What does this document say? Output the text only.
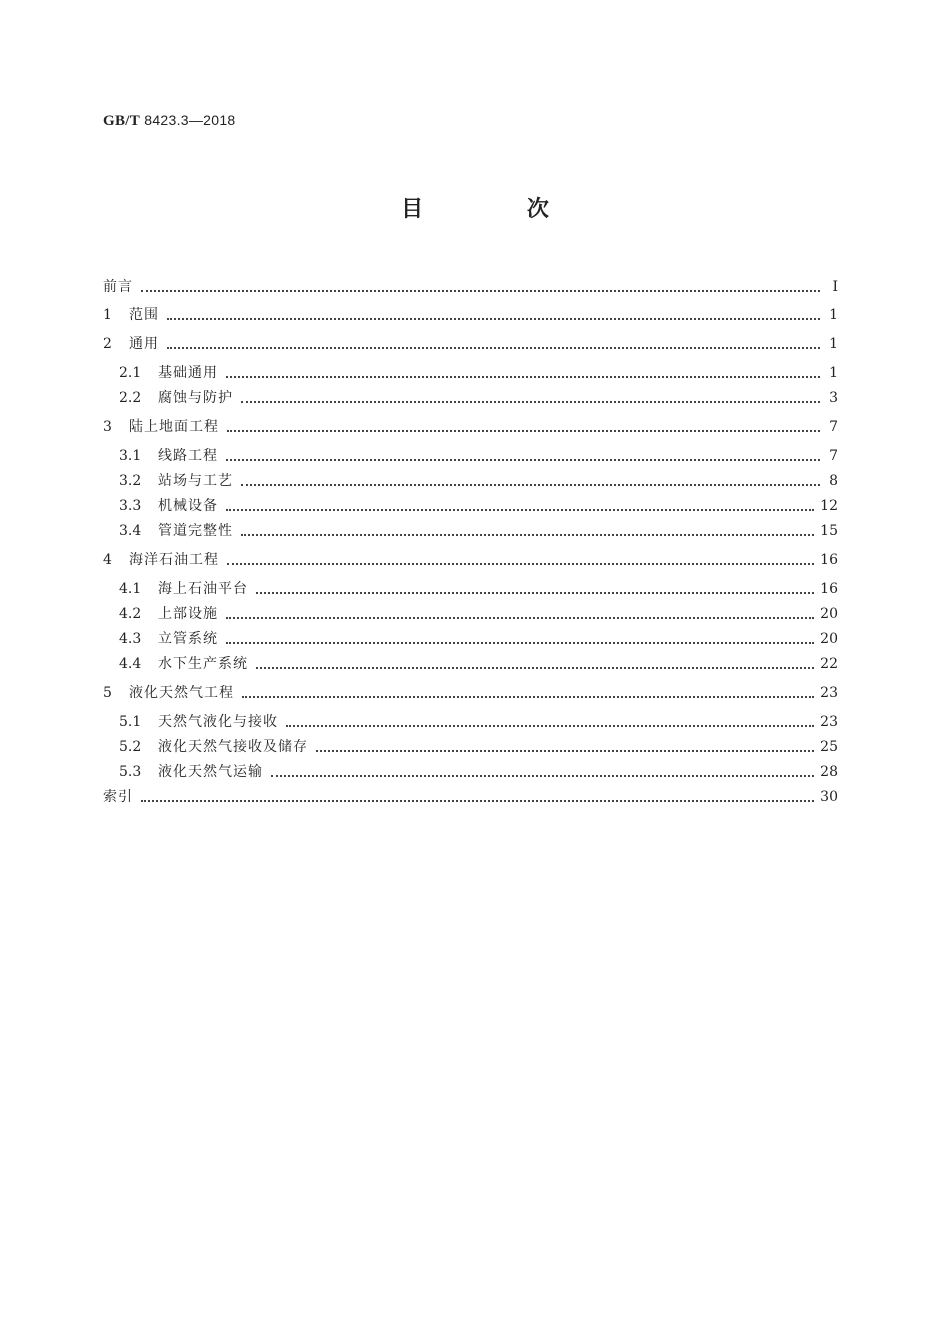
GB/T 8423.3—2018
目 次
前言	Ⅰ
1	范围	1
2	通用	1
2.1	基础通用	1
2.2	腐蚀与防护	3
3	陆上地面工程	7
3.1	线路工程	7
3.2	站场与工艺	8
3.3	机械设备	12
3.4	管道完整性	15
4	海洋石油工程	16
4.1	海上石油平台	16
4.2	上部设施	20
4.3	立管系统	20
4.4	水下生产系统	22
5	液化天然气工程	23
5.1	天然气液化与接收	23
5.2	液化天然气接收及储存	25
5.3	液化天然气运输	28
索引	30
